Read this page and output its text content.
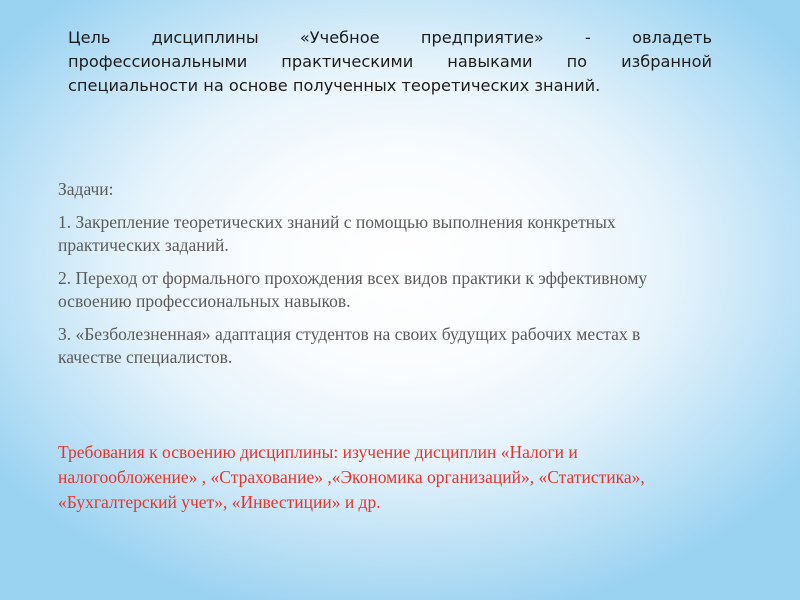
Цель дисциплины «Учебное предприятие» - овладеть профессиональными практическими навыками по избранной специальности на основе полученных теоретических знаний.

Задачи:

1. Закрепление теоретических знаний с помощью выполнения конкретных практических заданий.

2. Переход от формального прохождения всех видов практики к эффективному освоению профессиональных навыков.

3. «Безболезненная» адаптация студентов на своих будущих рабочих местах в качестве специалистов.

Требования к освоению дисциплины: изучение дисциплин «Налоги и налогообложение» , «Страхование» ,«Экономика организаций», «Статистика», «Бухгалтерский учет», «Инвестиции» и др.
